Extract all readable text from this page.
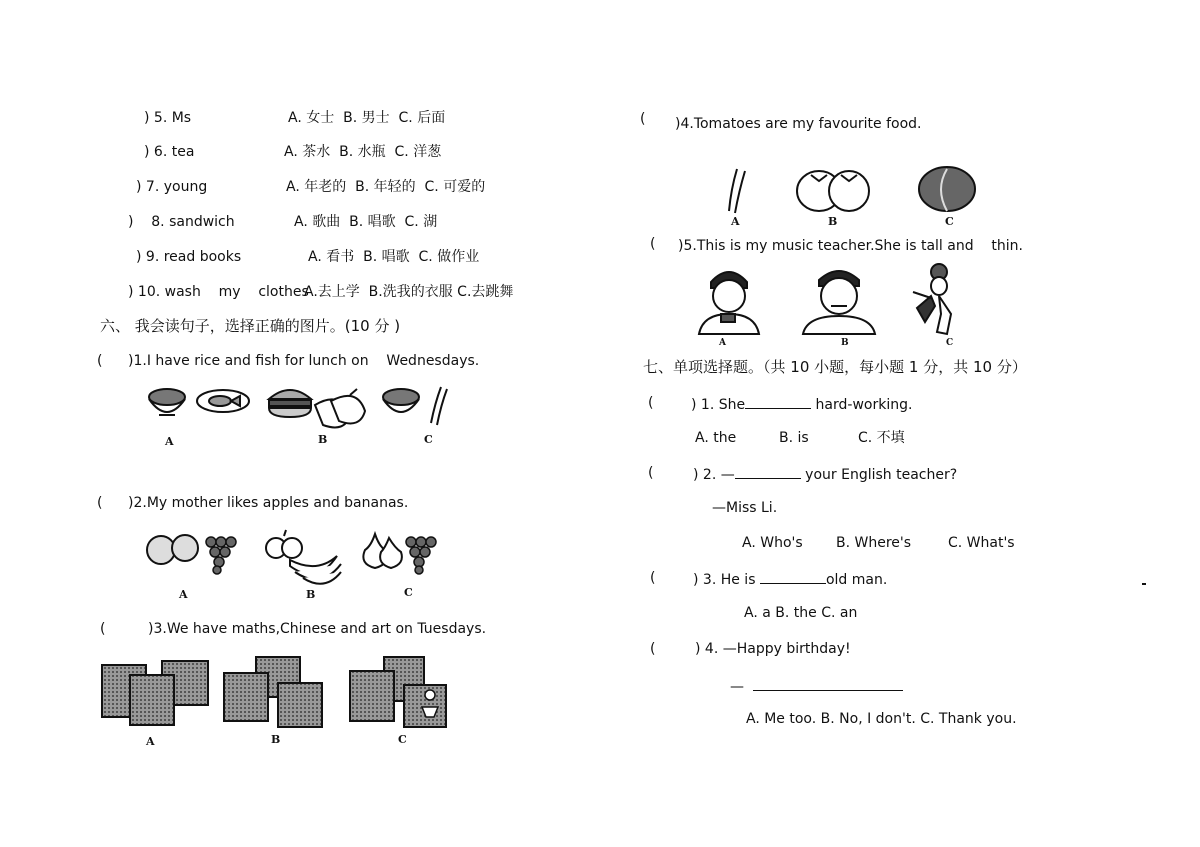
) 5. Ms	A. 女士  B. 男士  C. 后面
) 6. tea	A. 茶水  B. 水瓶  C. 洋葱
) 7. young	A. 年老的  B. 年轻的  C. 可爱的
)    8. sandwich	A. 歌曲  B. 唱歌  C. 湖
) 9. read books	A. 看书  B. 唱歌  C. 做作业
) 10. wash    my    clothes
A.去上学  B.洗我的衣服 C.去跳舞
六、 我会读句子，选择正确的图片。(10 分 )
( )1.I have rice and fish for lunch on    Wednesdays.
A	B	C
( )2.My mother likes apples and bananas.
A	B	C
(	)3.We have maths,Chinese and art on Tuesdays.
A	B	C
( )4.Tomatoes are my favourite food.
A	B	C
( )5.This is my music teacher.She is tall and    thin.
A	B	C
七、单项选择题。（共 10 小题，每小题 1 分，共 10 分）
(	) 1. She	hard-working.
A. the	B. is	C. 不填
(	) 2. —	your English teacher?
—Miss Li.
A. Who's B. Where's	C. What's
(	) 3. He is	old man.
A. a B. the C. an
(	) 4. —Happy birthday!
—
A. Me too. B. No, I don't. C. Thank you.
